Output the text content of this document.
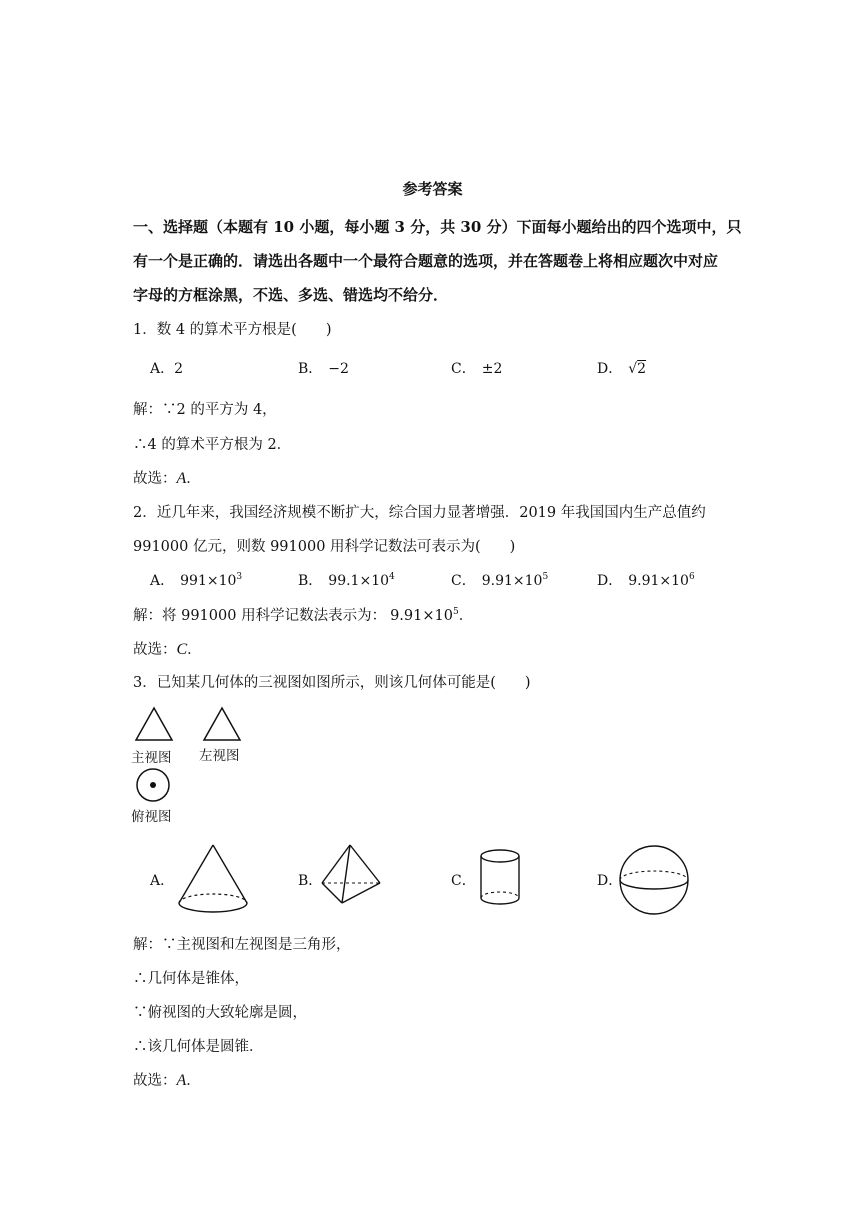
参考答案
一、选择题（本题有 10 小题，每小题 3 分，共 30 分）下面每小题给出的四个选项中，只
有一个是正确的．请选出各题中一个最符合题意的选项，并在答题卷上将相应题次中对应
字母的方框涂黑，不选、多选、错选均不给分．
1．数 4 的算术平方根是(　　)
A．2	B． −2	C． ±2	D． √2
解：∵2 的平方为 4，
∴4 的算术平方根为 2．
故选：A．
2．近几年来，我国经济规模不断扩大，综合国力显著增强．2019 年我国国内生产总值约
991000 亿元，则数 991000 用科学记数法可表示为(　　)
A． $991\times 10^3$	B． $99.1\times 10^4$	C． $9.91\times 10^5$	D． $9.91\times 10^6$
解：将 991000 用科学记数法表示为： $9.91\times 10^5$．
故选：C．
3．已知某几何体的三视图如图所示，则该几何体可能是(　　)
主视图 左视图
俯视图
A．	B．	C．	D．
解：∵主视图和左视图是三角形，
∴几何体是锥体，
∵俯视图的大致轮廓是圆，
∴该几何体是圆锥．
故选：A．
